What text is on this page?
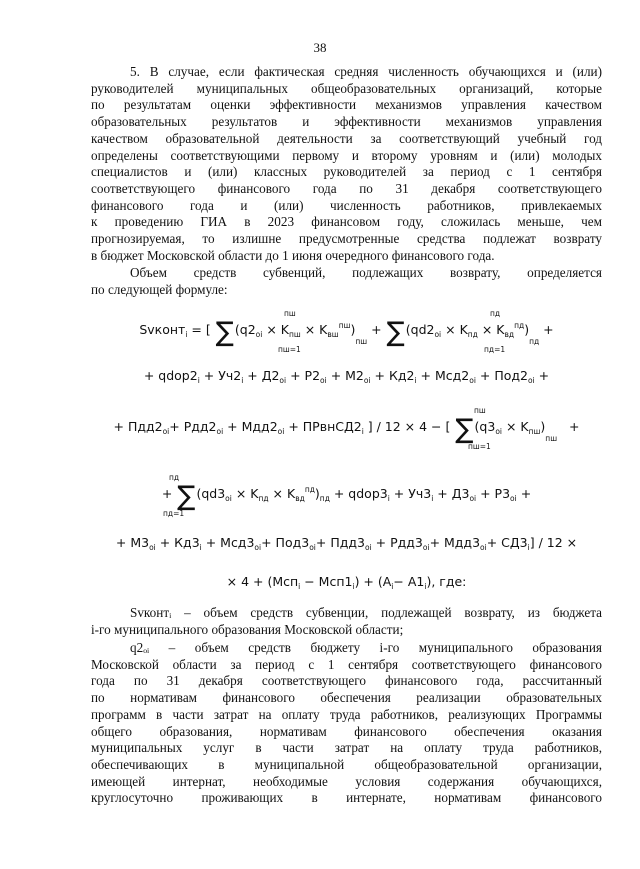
38

5. В случае, если фактическая средняя численность обучающихся и (или)

руководителей муниципальных общеобразовательных организаций, которые

по результатам оценки эффективности механизмов управления качеством

образовательных результатов и эффективности механизмов управления

качеством образовательной деятельности за соответствующий учебный год

определены соответствующими первому и второму уровням и (или) молодых

специалистов и (или) классных руководителей за период с 1 сентября

соответствующего финансового года по 31 декабря соответствующего

финансового года и (или) численность работников, привлекаемых

к проведению ГИА в 2023 финансовом году, сложилась меньше, чем

прогнозируемая, то излишне предусмотренные средства подлежат возврату

в бюджет Московской области до 1 июня очередного финансового года.

Объем средств субвенций, подлежащих возврату, определяется

по следующей формуле:

пш
пш=1
пд
пд=1
Svконт$_i$ = [ $\sum(q2_{oi} \times K_{пш} \times K_{вш}^{пш})_{пш} + \sum(qd2_{oi} \times K_{пд} \times K_{вд}^{пд})_{пд}$ +
+ $qdop2_i + Уч2_i + Д2_{oi} + Р2_{oi} + М2_{oi} + Кд2_i + Мсд2_{oi} + Под2_{oi}$ +
пш
пш=1
+ $Пдд2_{oi}+ Рдд2_{oi} + Мдд2_{oi}$ + $ПРвнСД2_i$ ] / 12 × 4 − [ $\sum(q3_{oi} \times K_{пш})_{пш}$   +
пд
пд=1
+ $\sum(qd3_{oi} \times K_{пд} \times K_{вд}^{пд})_{пд}$ + $qdop3_i + Уч3_i + Д3_{oi} + Р3_{oi}$ +
+ $М3_{oi} + Кд3_i + Мсд3_{oi}+ Под3_{oi}+ Пдд3_{oi} + Рдд3_{oi}+ Мдд3_{oi}+ СД3_i] / 12$ ×
× $4 + (Мсп_i - Мсп1_i) + (А_i- А1_i)$, где:

Svконтᵢ – объем средств субвенции, подлежащей возврату, из бюджета

i-го муниципального образования Московской области;

q2ₒᵢ – объем средств бюджету i-го муниципального образования

Московской области за период с 1 сентября соответствующего финансового

года по 31 декабря соответствующего финансового года, рассчитанный

по нормативам финансового обеспечения реализации образовательных

программ в части затрат на оплату труда работников, реализующих Программы

общего образования, нормативам финансового обеспечения оказания

муниципальных услуг в части затрат на оплату труда работников,

обеспечивающих в муниципальной общеобразовательной организации,

имеющей интернат, необходимые условия содержания обучающихся,

круглосуточно проживающих в интернате, нормативам финансового
